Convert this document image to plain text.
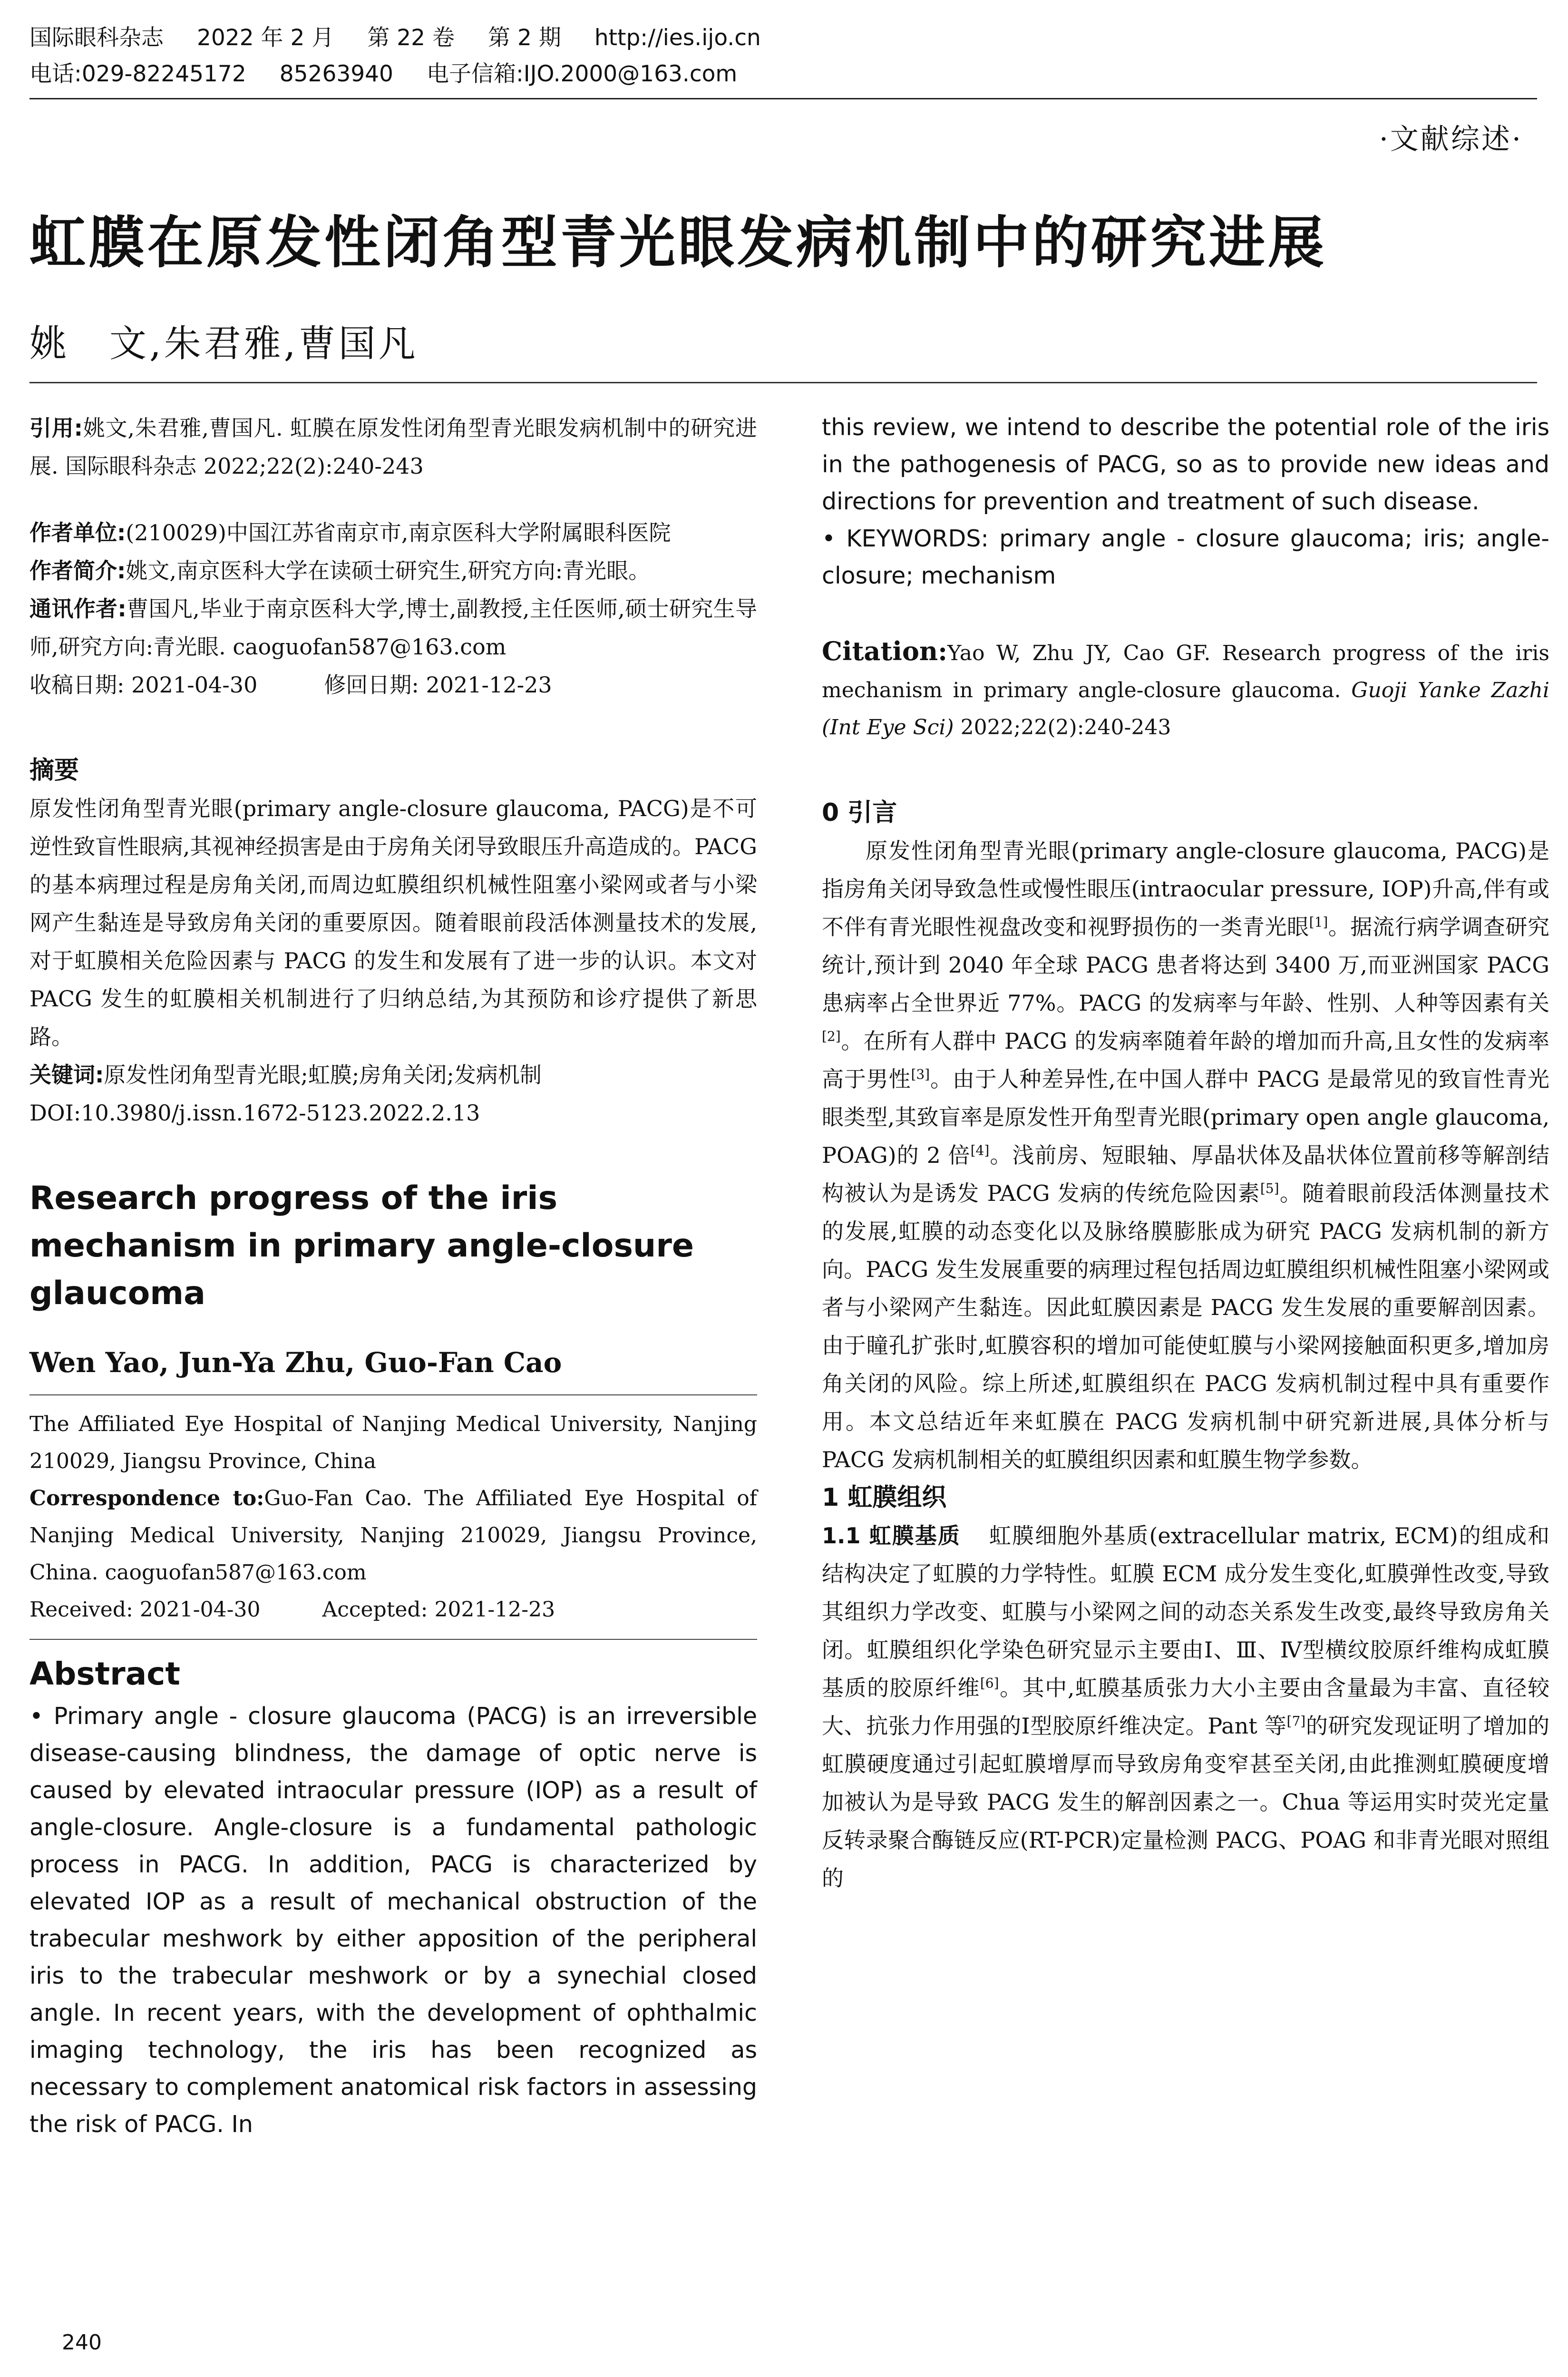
国际眼科杂志 2022 年 2 月 第 22 卷 第 2 期 http://ies.ijo.cn
电话:029-82245172 85263940 电子信箱:IJO.2000@163.com
·文献综述·
虹膜在原发性闭角型青光眼发病机制中的研究进展
姚　文,朱君雅,曹国凡
引用:姚文,朱君雅,曹国凡. 虹膜在原发性闭角型青光眼发病机制中的研究进展. 国际眼科杂志 2022;22(2):240-243
作者单位:(210029)中国江苏省南京市,南京医科大学附属眼科医院
作者简介:姚文,南京医科大学在读硕士研究生,研究方向:青光眼。
通讯作者:曹国凡,毕业于南京医科大学,博士,副教授,主任医师,硕士研究生导师,研究方向:青光眼. caoguofan587@163.com
收稿日期: 2021-04-30	修回日期: 2021-12-23
摘要
原发性闭角型青光眼(primary angle-closure glaucoma, PACG)是不可逆性致盲性眼病,其视神经损害是由于房角关闭导致眼压升高造成的。PACG 的基本病理过程是房角关闭,而周边虹膜组织机械性阻塞小梁网或者与小梁网产生黏连是导致房角关闭的重要原因。随着眼前段活体测量技术的发展,对于虹膜相关危险因素与 PACG 的发生和发展有了进一步的认识。本文对 PACG 发生的虹膜相关机制进行了归纳总结,为其预防和诊疗提供了新思路。
关键词:原发性闭角型青光眼;虹膜;房角关闭;发病机制
DOI:10.3980/j.issn.1672-5123.2022.2.13
Research progress of the iris mechanism in primary angle-closure glaucoma
Wen Yao, Jun-Ya Zhu, Guo-Fan Cao
The Affiliated Eye Hospital of Nanjing Medical University, Nanjing 210029, Jiangsu Province, China
Correspondence to:Guo-Fan Cao. The Affiliated Eye Hospital of Nanjing Medical University, Nanjing 210029, Jiangsu Province, China. caoguofan587@163.com
Received: 2021-04-30	Accepted: 2021-12-23
Abstract
• Primary angle - closure glaucoma (PACG) is an irreversible disease-causing blindness, the damage of optic nerve is caused by elevated intraocular pressure (IOP) as a result of angle-closure. Angle-closure is a fundamental pathologic process in PACG. In addition, PACG is characterized by elevated IOP as a result of mechanical obstruction of the trabecular meshwork by either apposition of the peripheral iris to the trabecular meshwork or by a synechial closed angle. In recent years, with the development of ophthalmic imaging technology, the iris has been recognized as necessary to complement anatomical risk factors in assessing the risk of PACG. In
this review, we intend to describe the potential role of the iris in the pathogenesis of PACG, so as to provide new ideas and directions for prevention and treatment of such disease.
• KEYWORDS: primary angle - closure glaucoma; iris; angle-closure; mechanism
Citation:Yao W, Zhu JY, Cao GF. Research progress of the iris mechanism in primary angle-closure glaucoma. Guoji Yanke Zazhi (Int Eye Sci) 2022;22(2):240-243
0 引言
原发性闭角型青光眼(primary angle-closure glaucoma, PACG)是指房角关闭导致急性或慢性眼压(intraocular pressure, IOP)升高,伴有或不伴有青光眼性视盘改变和视野损伤的一类青光眼[1]。据流行病学调查研究统计,预计到 2040 年全球 PACG 患者将达到 3400 万,而亚洲国家 PACG 患病率占全世界近 77%。PACG 的发病率与年龄、性别、人种等因素有关[2]。在所有人群中 PACG 的发病率随着年龄的增加而升高,且女性的发病率高于男性[3]。由于人种差异性,在中国人群中 PACG 是最常见的致盲性青光眼类型,其致盲率是原发性开角型青光眼(primary open angle glaucoma, POAG)的 2 倍[4]。浅前房、短眼轴、厚晶状体及晶状体位置前移等解剖结构被认为是诱发 PACG 发病的传统危险因素[5]。随着眼前段活体测量技术的发展,虹膜的动态变化以及脉络膜膨胀成为研究 PACG 发病机制的新方向。PACG 发生发展重要的病理过程包括周边虹膜组织机械性阻塞小梁网或者与小梁网产生黏连。因此虹膜因素是 PACG 发生发展的重要解剖因素。由于瞳孔扩张时,虹膜容积的增加可能使虹膜与小梁网接触面积更多,增加房角关闭的风险。综上所述,虹膜组织在 PACG 发病机制过程中具有重要作用。本文总结近年来虹膜在 PACG 发病机制中研究新进展,具体分析与 PACG 发病机制相关的虹膜组织因素和虹膜生物学参数。
1 虹膜组织
1.1 虹膜基质 虹膜细胞外基质(extracellular matrix, ECM)的组成和结构决定了虹膜的力学特性。虹膜 ECM 成分发生变化,虹膜弹性改变,导致其组织力学改变、虹膜与小梁网之间的动态关系发生改变,最终导致房角关闭。虹膜组织化学染色研究显示主要由Ⅰ、Ⅲ、Ⅳ型横纹胶原纤维构成虹膜基质的胶原纤维[6]。其中,虹膜基质张力大小主要由含量最为丰富、直径较大、抗张力作用强的Ⅰ型胶原纤维决定。Pant 等[7]的研究发现证明了增加的虹膜硬度通过引起虹膜增厚而导致房角变窄甚至关闭,由此推测虹膜硬度增加被认为是导致 PACG 发生的解剖因素之一。Chua 等运用实时荧光定量反转录聚合酶链反应(RT-PCR)定量检测 PACG、POAG 和非青光眼对照组的
240
